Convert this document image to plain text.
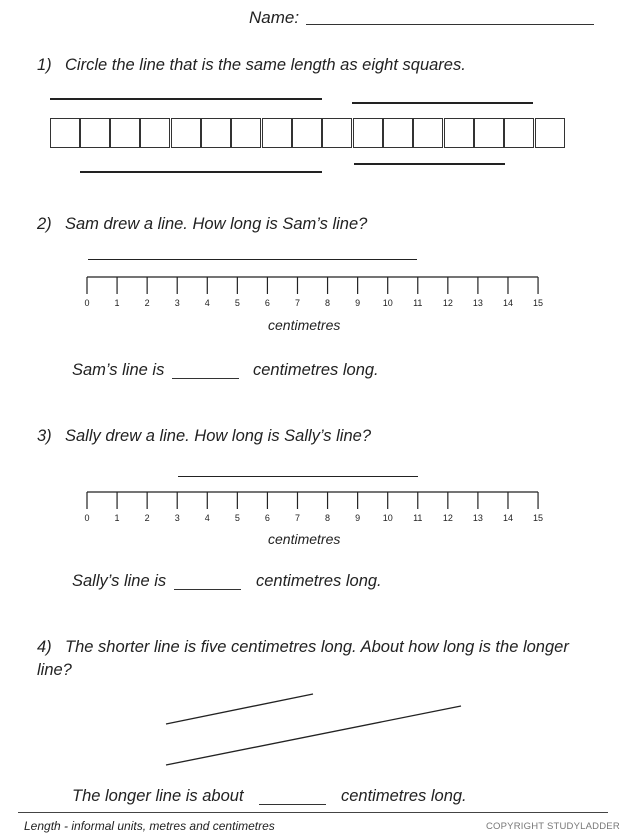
Name:
1) Circle the line that is the same length as eight squares.
2) Sam drew a line. How long is Sam’s line?
0	1	2	3	4	5	6	7	8	9	10 11 12 13 14 15
centimetres
Sam’s line is	centimetres long.
3) Sally drew a line. How long is Sally’s line?
0	1	2	3	4	5	6	7	8	9	10 11 12 13 14 15
centimetres
Sally’s line is	centimetres long.
4) The shorter line is five centimetres long. About how long is the longer
line?
The longer line is about	centimetres long.
Length - informal units, metres and centimetres	COPYRIGHT STUDYLADDER
